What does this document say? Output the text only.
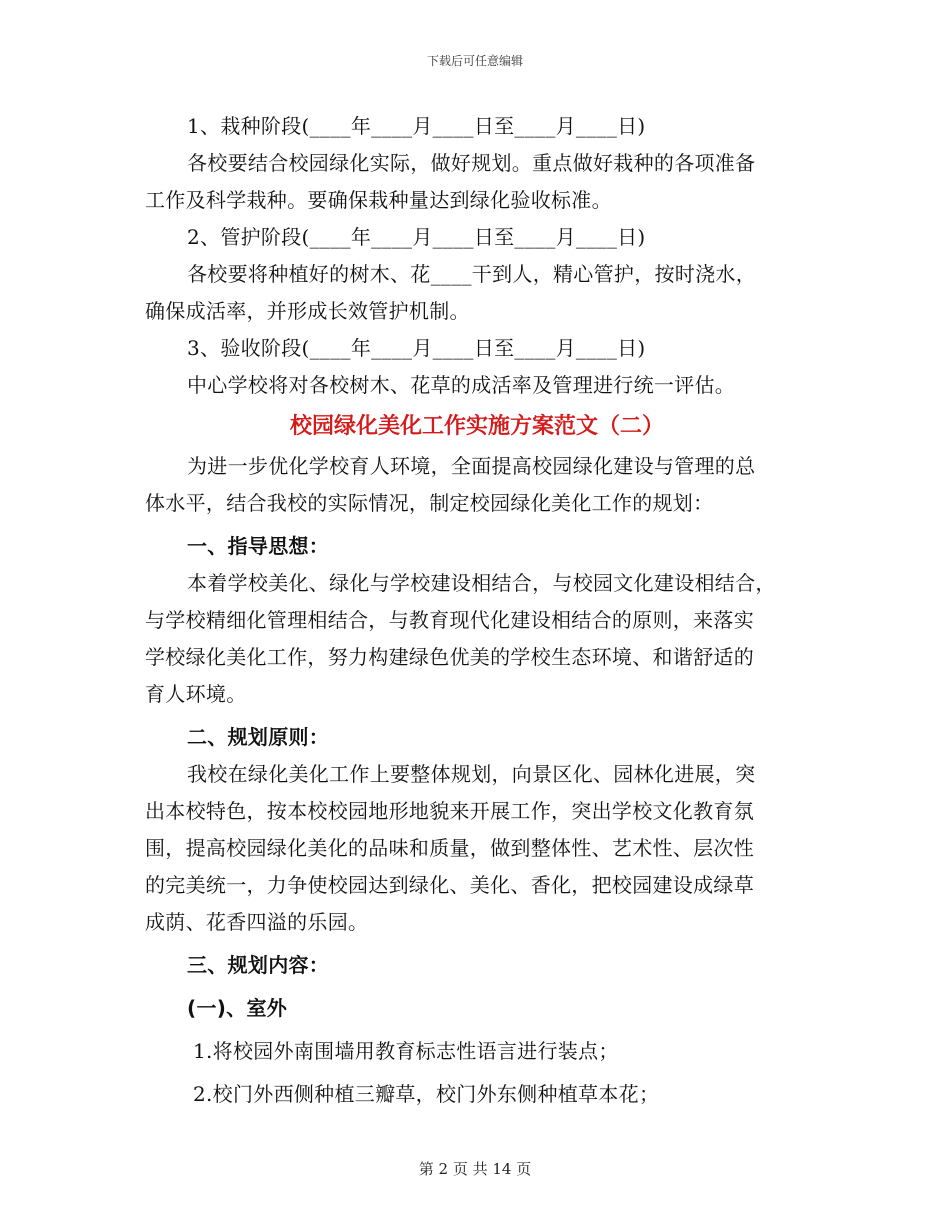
下载后可任意编辑

1、栽种阶段(____年____月____日至____月____日)

各校要结合校园绿化实际，做好规划。重点做好栽种的各项准备

工作及科学栽种。要确保栽种量达到绿化验收标准。

2、管护阶段(____年____月____日至____月____日)

各校要将种植好的树木、花____干到人，精心管护，按时浇水，

确保成活率，并形成长效管护机制。

3、验收阶段(____年____月____日至____月____日)

中心学校将对各校树木、花草的成活率及管理进行统一评估。

校园绿化美化工作实施方案范文（二）

为进一步优化学校育人环境，全面提高校园绿化建设与管理的总

体水平，结合我校的实际情况，制定校园绿化美化工作的规划：

一、指导思想：

本着学校美化、绿化与学校建设相结合，与校园文化建设相结合，

与学校精细化管理相结合，与教育现代化建设相结合的原则，来落实

学校绿化美化工作，努力构建绿色优美的学校生态环境、和谐舒适的

育人环境。

二、规划原则：

我校在绿化美化工作上要整体规划，向景区化、园林化进展，突

出本校特色，按本校校园地形地貌来开展工作，突出学校文化教育氛

围，提高校园绿化美化的品味和质量，做到整体性、艺术性、层次性

的完美统一，力争使校园达到绿化、美化、香化，把校园建设成绿草

成荫、花香四溢的乐园。

三、规划内容：

(一)、室外

1.将校园外南围墙用教育标志性语言进行装点；

2.校门外西侧种植三瓣草，校门外东侧种植草本花；

第 2 页 共 14 页
